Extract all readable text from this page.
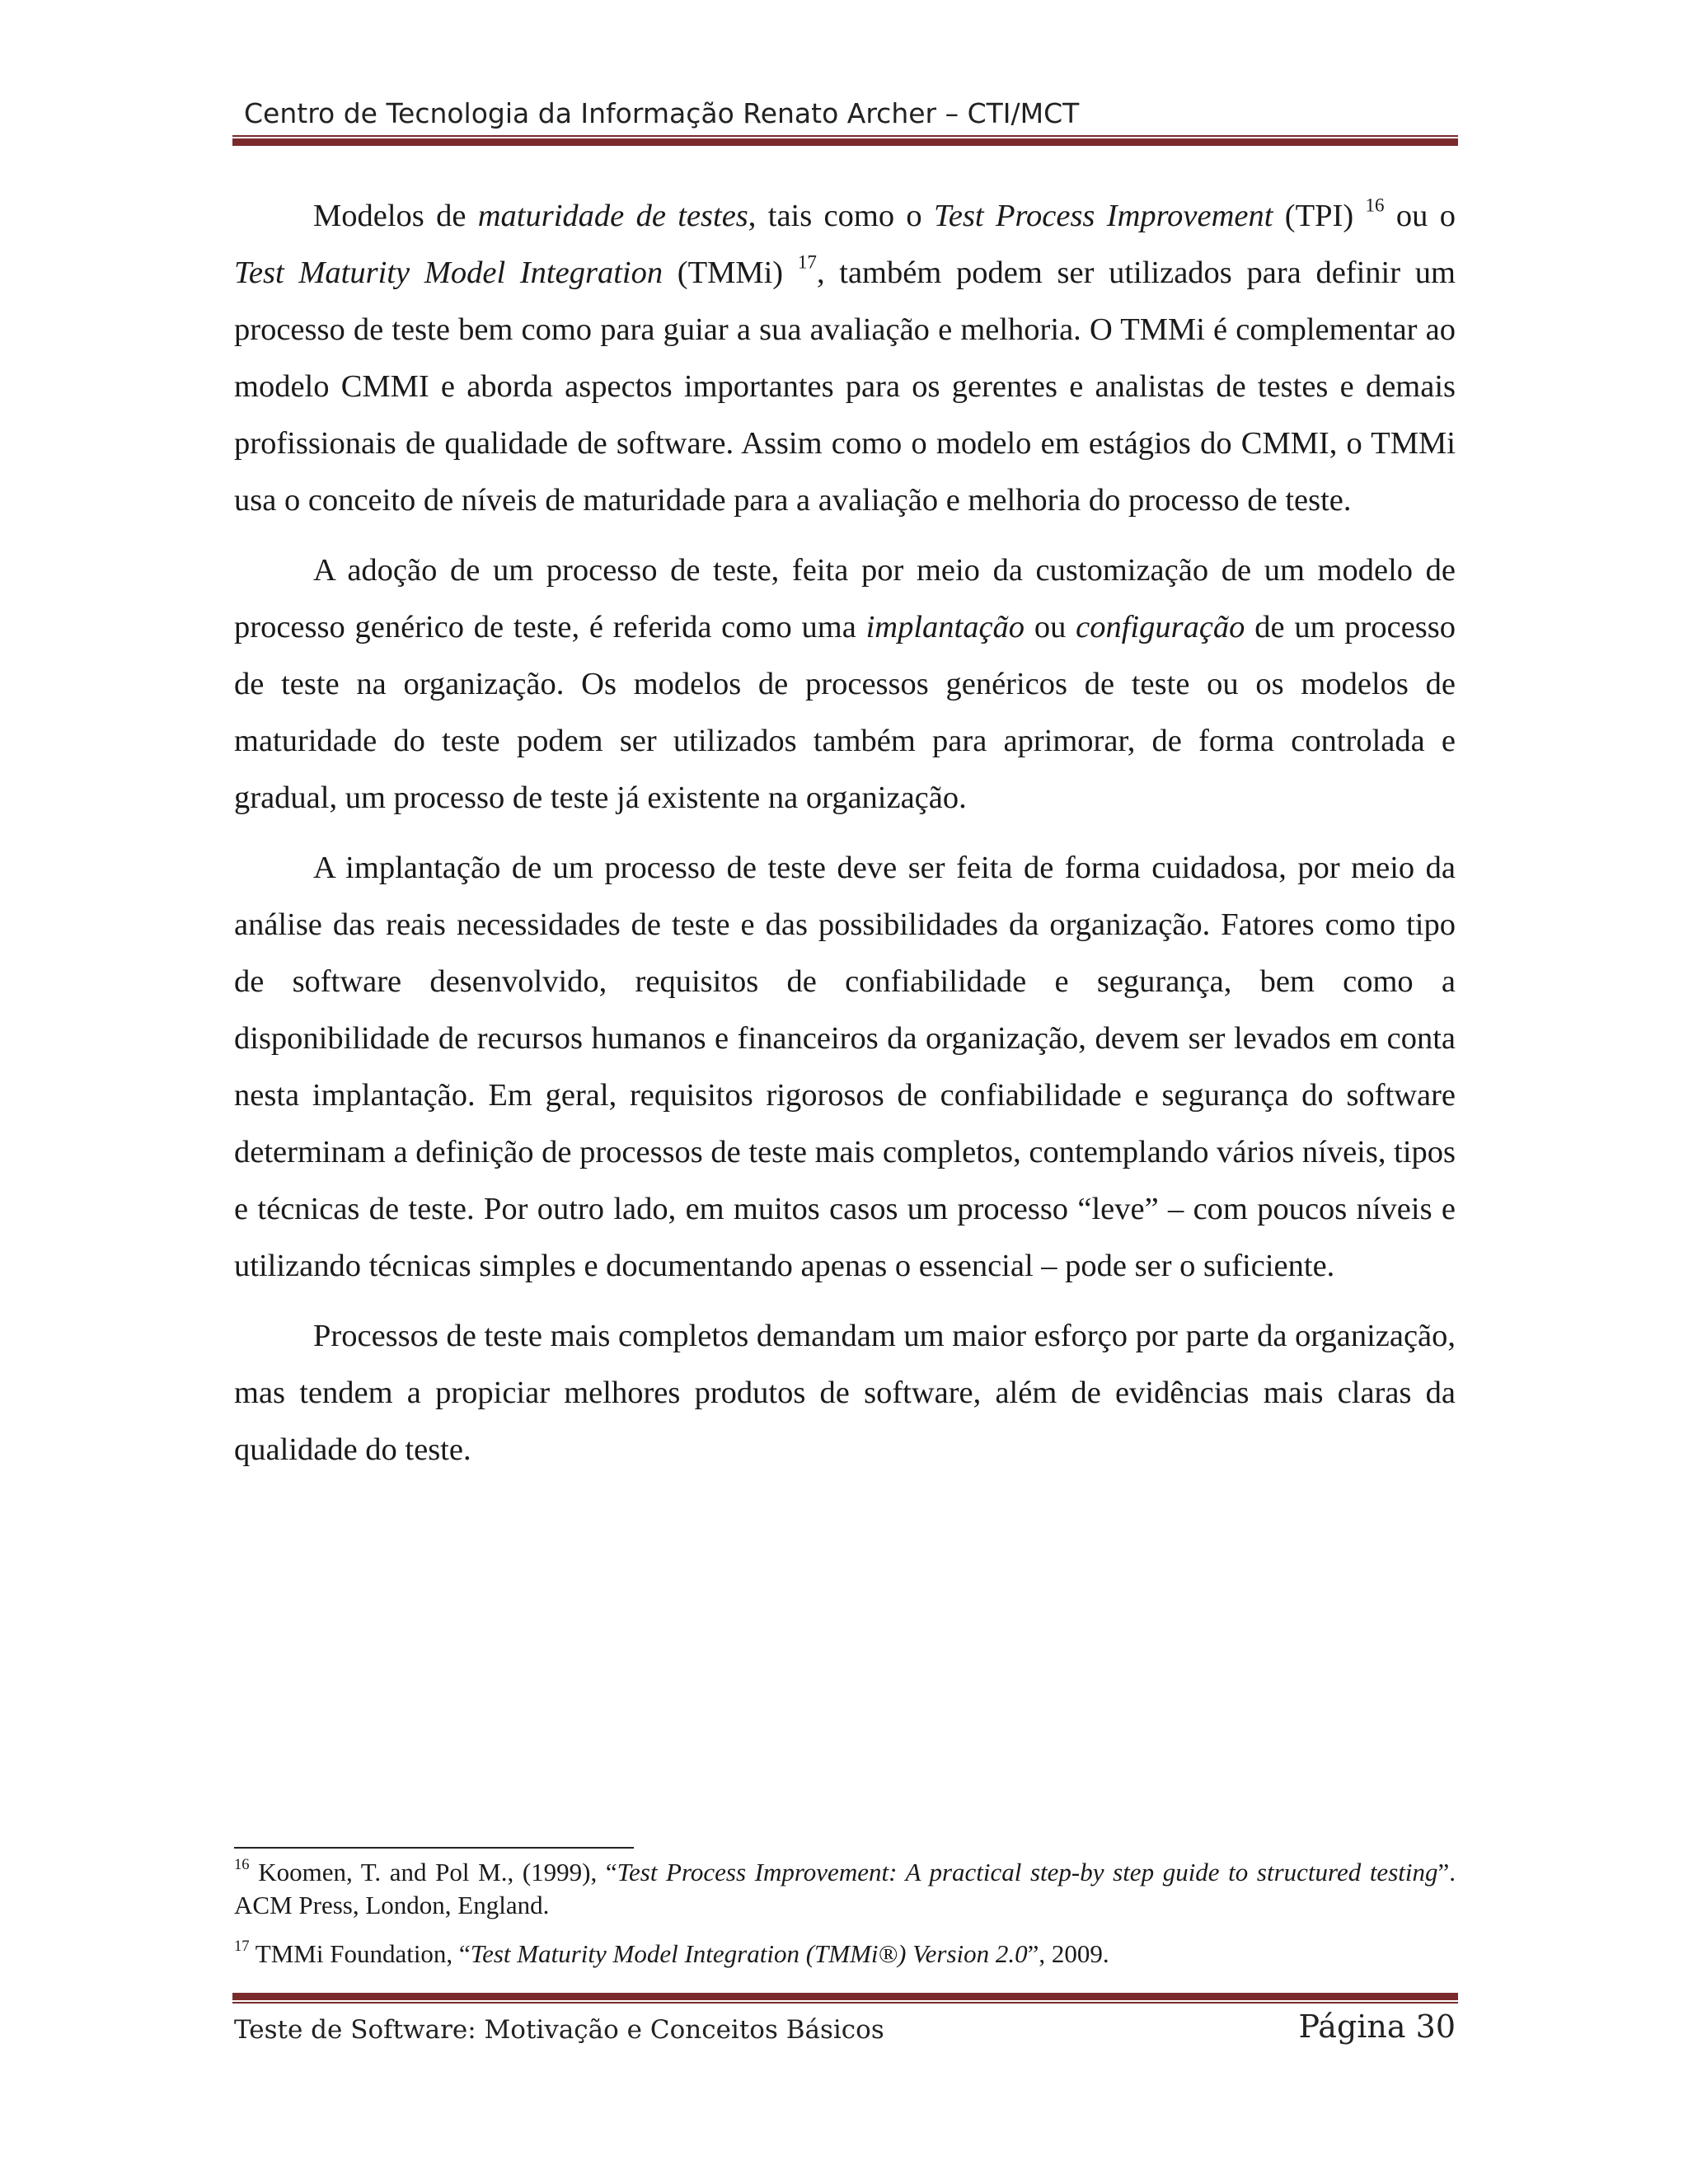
Centro de Tecnologia da Informação Renato Archer – CTI/MCT

Modelos de maturidade de testes, tais como o Test Process Improvement (TPI) $^{16}$ ou o Test Maturity Model Integration (TMMi) $^{17}$, também podem ser utilizados para definir um processo de teste bem como para guiar a sua avaliação e melhoria. O TMMi é complementar ao modelo CMMI e aborda aspectos importantes para os gerentes e analistas de testes e demais profissionais de qualidade de software. Assim como o modelo em estágios do CMMI, o TMMi usa o conceito de níveis de maturidade para a avaliação e melhoria do processo de teste.

A adoção de um processo de teste, feita por meio da customização de um modelo de processo genérico de teste, é referida como uma implantação ou configuração de um processo de teste na organização. Os modelos de processos genéricos de teste ou os modelos de maturidade do teste podem ser utilizados também para aprimorar, de forma controlada e gradual, um processo de teste já existente na organização.

A implantação de um processo de teste deve ser feita de forma cuidadosa, por meio da análise das reais necessidades de teste e das possibilidades da organização. Fatores como tipo de software desenvolvido, requisitos de confiabilidade e segurança, bem como a disponibilidade de recursos humanos e financeiros da organização, devem ser levados em conta nesta implantação. Em geral, requisitos rigorosos de confiabilidade e segurança do software determinam a definição de processos de teste mais completos, contemplando vários níveis, tipos e técnicas de teste. Por outro lado, em muitos casos um processo “leve” – com poucos níveis e utilizando técnicas simples e documentando apenas o essencial – pode ser o suficiente.

Processos de teste mais completos demandam um maior esforço por parte da organização, mas tendem a propiciar melhores produtos de software, além de evidências mais claras da qualidade do teste.

$^{16}$ Koomen, T. and Pol M., (1999), “Test Process Improvement: A practical step-by step guide to structured testing”. ACM Press, London, England.

$^{17}$ TMMi Foundation, “Test Maturity Model Integration (TMMi®) Version 2.0”, 2009.

Teste de Software: Motivação e Conceitos Básicos	Página 30
